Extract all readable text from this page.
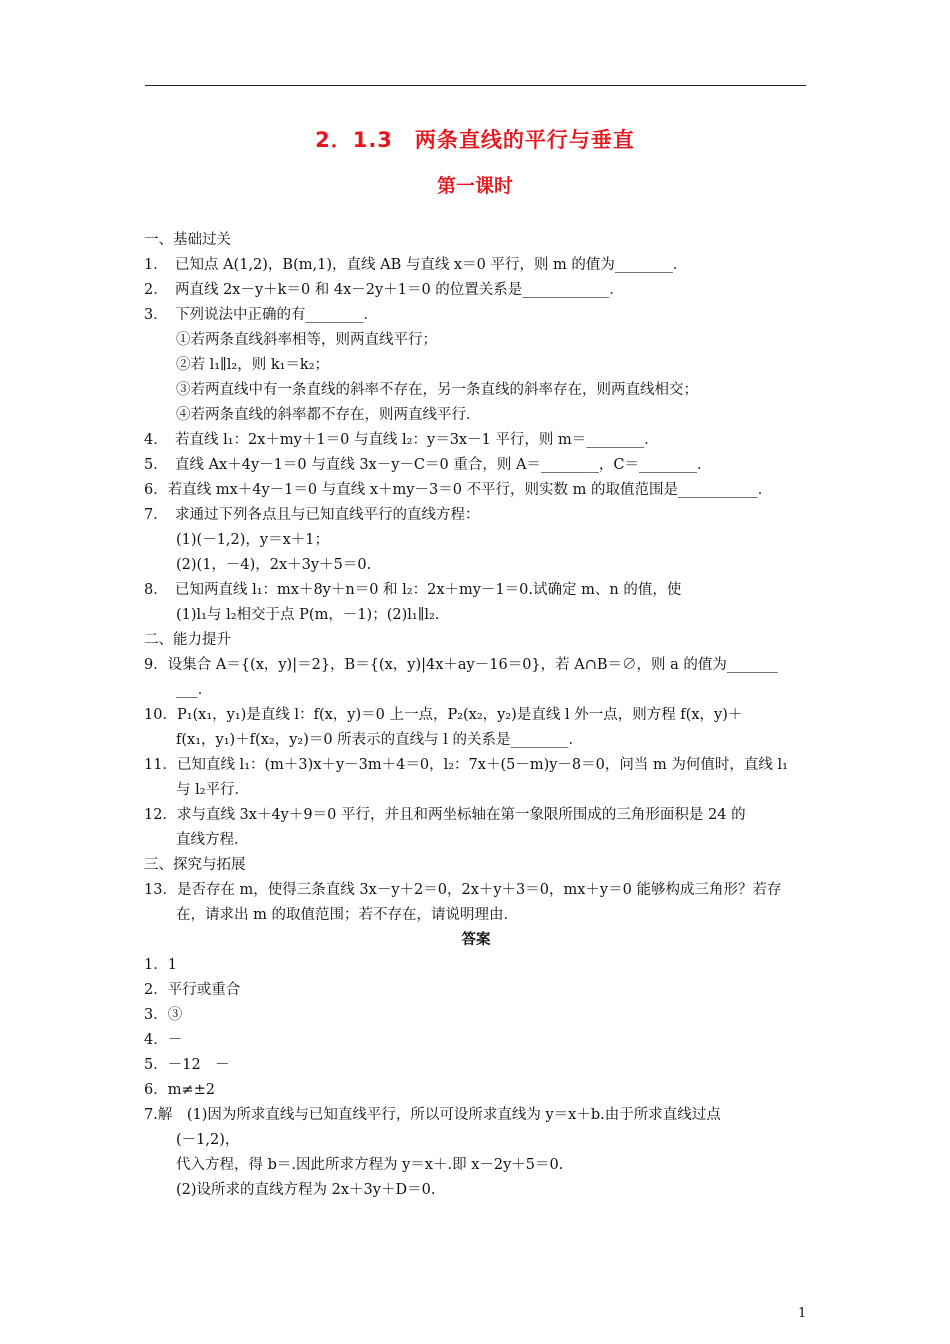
2．1.3　两条直线的平行与垂直
第一课时
一、基础过关
1．　已知点 A(1,2)，B(m,1)，直线 AB 与直线 x＝0 平行，则 m 的值为________．
2．　两直线 2x－y＋k＝0 和 4x－2y＋1＝0 的位置关系是____________．
3．　下列说法中正确的有________．
①若两条直线斜率相等，则两直线平行；
②若 l₁∥l₂，则 k₁＝k₂；
③若两直线中有一条直线的斜率不存在，另一条直线的斜率存在，则两直线相交；
④若两条直线的斜率都不存在，则两直线平行．
4．　若直线 l₁：2x＋my＋1＝0 与直线 l₂：y＝3x－1 平行，则 m＝________．
5．　直线 Ax＋4y－1＝0 与直线 3x－y－C＝0 重合，则 A＝________，C＝________．
6．若直线 mx＋4y－1＝0 与直线 x＋my－3＝0 不平行，则实数 m 的取值范围是___________．
7．　求通过下列各点且与已知直线平行的直线方程：
(1)(－1,2)，y＝x＋1；
(2)(1，－4)，2x＋3y＋5＝0.
8．　已知两直线 l₁：mx＋8y＋n＝0 和 l₂：2x＋my－1＝0.试确定 m、n 的值，使
(1)l₁与 l₂相交于点 P(m，－1)；(2)l₁∥l₂.
二、能力提升
9．设集合 A＝{(x，y)|＝2}，B＝{(x，y)|4x＋ay－16＝0}，若 A∩B＝∅，则 a 的值为_______
___．
10．P₁(x₁，y₁)是直线 l：f(x，y)＝0 上一点，P₂(x₂，y₂)是直线 l 外一点，则方程 f(x，y)＋
f(x₁，y₁)＋f(x₂，y₂)＝0 所表示的直线与 l 的关系是________．
11．已知直线 l₁：(m＋3)x＋y－3m＋4＝0，l₂：7x＋(5－m)y－8＝0，问当 m 为何值时，直线 l₁
与 l₂平行．
12．求与直线 3x＋4y＋9＝0 平行，并且和两坐标轴在第一象限所围成的三角形面积是 24 的
直线方程．
三、探究与拓展
13．是否存在 m，使得三条直线 3x－y＋2＝0，2x＋y＋3＝0，mx＋y＝0 能够构成三角形？若存
在，请求出 m 的取值范围；若不存在，请说明理由．
答案
1．1
2．平行或重合
3．③
4．－
5．－12　－
6．m≠±2
7.解　(1)因为所求直线与已知直线平行，所以可设所求直线为 y＝x＋b.由于所求直线过点
(－1,2)，
代入方程，得 b＝.因此所求方程为 y＝x＋.即 x－2y＋5＝0.
(2)设所求的直线方程为 2x＋3y＋D＝0.
1
